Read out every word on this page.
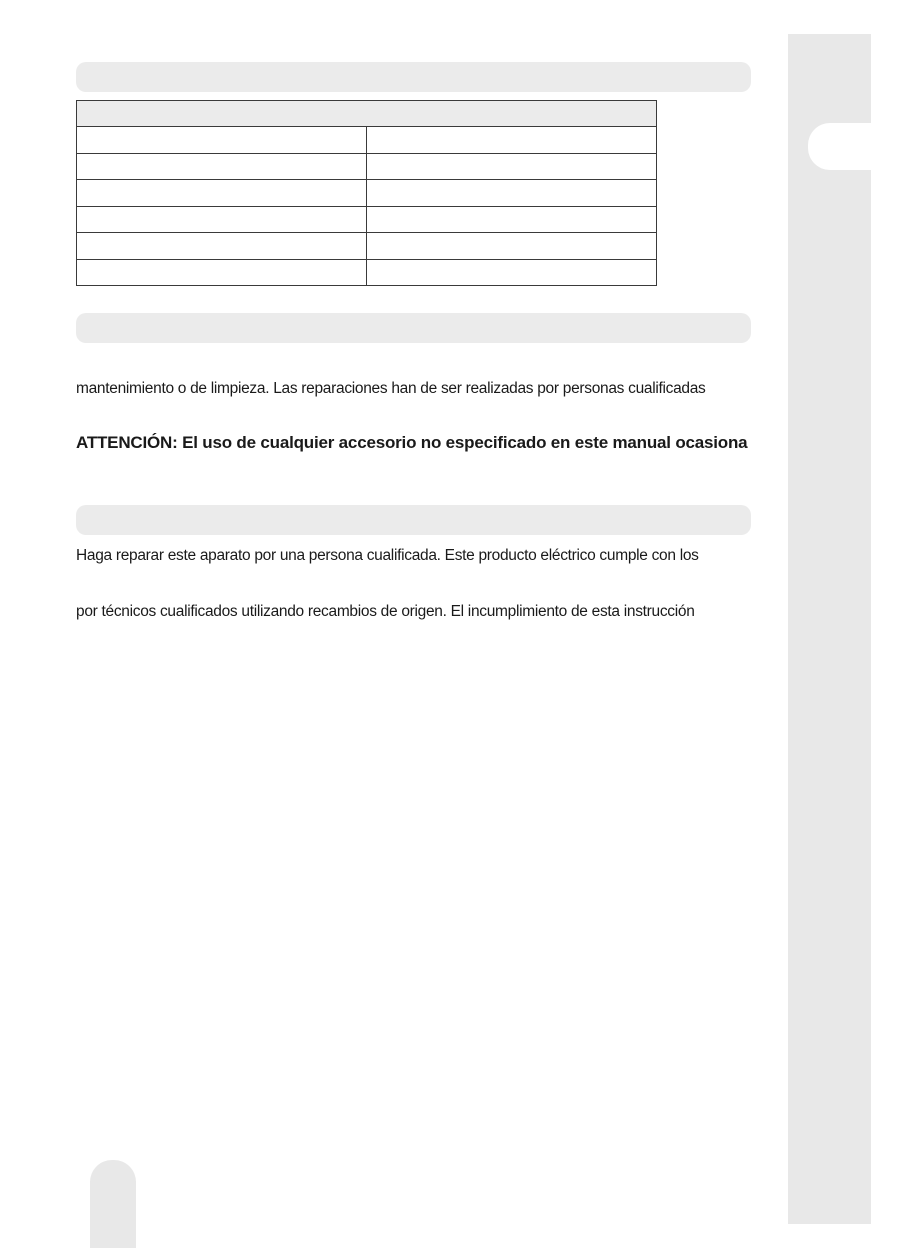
mantenimiento o de limpieza. Las reparaciones han de ser realizadas por personas cualificadas

ATTENCIÓN: El uso de cualquier accesorio no especificado en este manual ocasiona

Haga reparar este aparato por una persona cualificada. Este producto eléctrico cumple con los

por técnicos cualificados utilizando recambios de origen. El incumplimiento de esta instrucción
